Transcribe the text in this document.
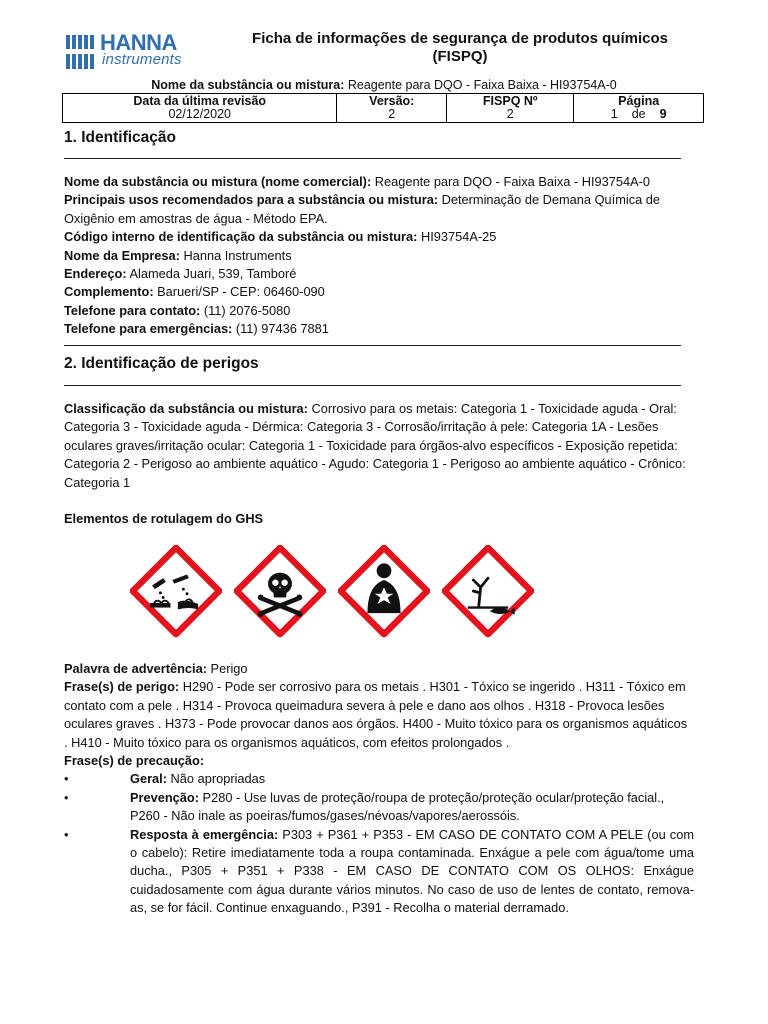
HANNA
instruments
Ficha de informações de segurança de produtos químicos
(FISPQ)
Nome da substância ou mistura: Reagente para DQO - Faixa Baixa - HI93754A-0
Data da última revisão	Versão:	FISPQ Nº	Página
02/12/2020	2	2	1 de 9
1. Identificação

Nome da substância ou mistura (nome comercial): Reagente para DQO - Faixa Baixa - HI93754A-0

Principais usos recomendados para a substância ou mistura: Determinação de Demana Química de Oxigênio em amostras de água - Método EPA.

Código interno de identificação da substância ou mistura: HI93754A-25

Nome da Empresa: Hanna Instruments

Endereço: Alameda Juari, 539, Tamboré

Complemento: Barueri/SP - CEP: 06460-090

Telefone para contato: (11) 2076-5080

Telefone para emergências: (11) 97436 7881

2. Identificação de perigos

Classificação da substância ou mistura: Corrosivo para os metais: Categoria 1 - Toxicidade aguda - Oral: Categoria 3 - Toxicidade aguda - Dérmica: Categoria 3 - Corrosão/irritação à pele: Categoria 1A - Lesões oculares graves/irritação ocular: Categoria 1 - Toxicidade para órgãos-alvo específicos - Exposição repetida: Categoria 2 - Perigoso ao ambiente aquático - Agudo: Categoria 1 - Perigoso ao ambiente aquático - Crônico: Categoria 1

Elementos de rotulagem do GHS

Palavra de advertência: Perigo

Frase(s) de perigo: H290 - Pode ser corrosivo para os metais . H301 - Tóxico se ingerido . H311 - Tóxico em contato com a pele . H314 - Provoca queimadura severa à pele e dano aos olhos . H318 - Provoca lesões oculares graves . H373 - Pode provocar danos aos órgãos. H400 - Muito tóxico para os organismos aquáticos . H410 - Muito tóxico para os organismos aquáticos, com efeitos prolongados .

Frase(s) de precaução:

•	Geral: Não apropriadas
•	Prevenção: P280 - Use luvas de proteção/roupa de proteção/proteção ocular/proteção facial., P260 - Não inale as poeiras/fumos/gases/névoas/vapores/aerossóis.
•	Resposta à emergência: P303 + P361 + P353 - EM CASO DE CONTATO COM A PELE (ou com o cabelo): Retire imediatamente toda a roupa contaminada. Enxágue a pele com água/tome uma ducha., P305 + P351 + P338 - EM CASO DE CONTATO COM OS OLHOS: Enxágue cuidadosamente com água durante vários minutos. No caso de uso de lentes de contato, remova-as, se for fácil. Continue enxaguando., P391 - Recolha o material derramado.
